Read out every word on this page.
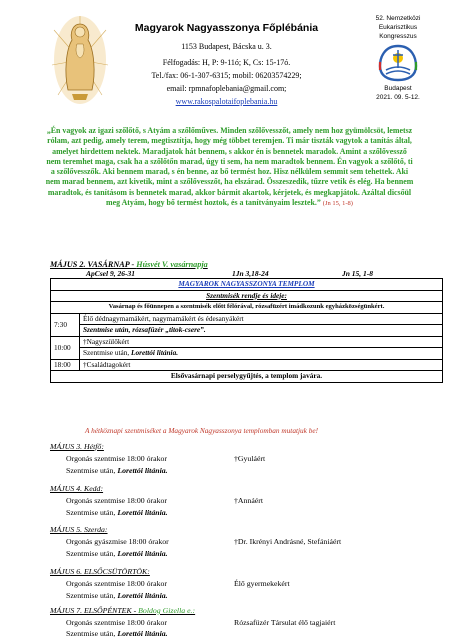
Magyarok Nagyasszonya Főplébánia
1153 Budapest, Bácska u. 3.
Félfogadás: H, P: 9-11ó; K, Cs: 15-17ó.
Tel./fax: 06-1-307-6315; mobil: 06203574229;
email: rpmnafoplebania@gmail.com;
www.rakospalotaifoplebania.hu
52. Nemzetközi
Eukarisztikus
Kongresszus
Budapest
2021. 09. 5-12.
„Én vagyok az igazi szőlőtő, s Atyám a szőlőműves. Minden szőlővesszőt, amely nem hoz gyümölcsöt, lemetsz rólam, azt pedig, amely terem, megtisztítja, hogy még többet teremjen. Ti már tiszták vagytok a tanítás által, amelyet hirdettem nektek. Maradjatok hát bennem, s akkor én is bennetek maradok. Amint a szőlővessző nem teremhet maga, csak ha a szőlőtőn marad, úgy ti sem, ha nem maradtok bennem. Én vagyok a szőlőtő, ti a szőlővesszők. Aki bennem marad, s én benne, az bő termést hoz. Hisz nélkülem semmit sem tehettek. Aki nem marad bennem, azt kivetik, mint a szőlővesszőt, ha elszárad. Összeszedik, tűzre vetik és elég. Ha bennem maradtok, és tanításom is bennetek marad, akkor bármit akartok, kérjetek, és megkapjátok. Azáltal dicsőül meg Atyám, hogy bő termést hoztok, és a tanítványaim lesztek.” (Jn 15, 1-8)
MÁJUS 2. VASÁRNAP - Húsvét V. vasárnapja
ApCsel 9, 26-31	1Jn 3,18-24	Jn 15, 1-8
MAGYAROK NAGYASSZONYA TEMPLOM	
Szentmisék rendje és ideje:	
Vasárnap és főünnepen a szentmisék előtt félórával, rózsafüzért imádkozunk egyházközségünkért.	
7:30	Élő dédnagymamákért, nagymamákért és édesanyákért
	Szentmise után, rózsafüzér „titok-csere”.
10:00	†Nagyszülőkért
	Szentmise után, Lorettói litánia.
18:00	†Családtagokért
Elsővasárnapi perselygyűjtés, a templom javára.	
A hétköznapi szentmiséket a Magyarok Nagyasszonya templomban mutatjuk be!
MÁJUS 3. Hétfő:
Orgonás szentmise 18:00 órakor	†Gyuláért
Szentmise után, Lorettói litánia.
MÁJUS 4. Kedd:
Orgonás szentmise 18:00 órakor	†Annáért
Szentmise után, Lorettói litánia.
MÁJUS 5. Szerda:
Orgonás gyászmise 18:00 órakor	†Dr. Ikrényi Andrásné, Stefániáért
Szentmise után, Lorettói litánia.
MÁJUS 6. ELSŐCSÜTÖRTÖK:
Orgonás szentmise 18:00 órakor	Élő gyermekekért
Szentmise után, Lorettói litánia.
MÁJUS 7. ELSŐPÉNTEK - Boldog Gizella e.:
Orgonás szentmise 18:00 órakor	Rózsafüzér Társulat élő tagjaiért
Szentmise után, Lorettói litánia.
